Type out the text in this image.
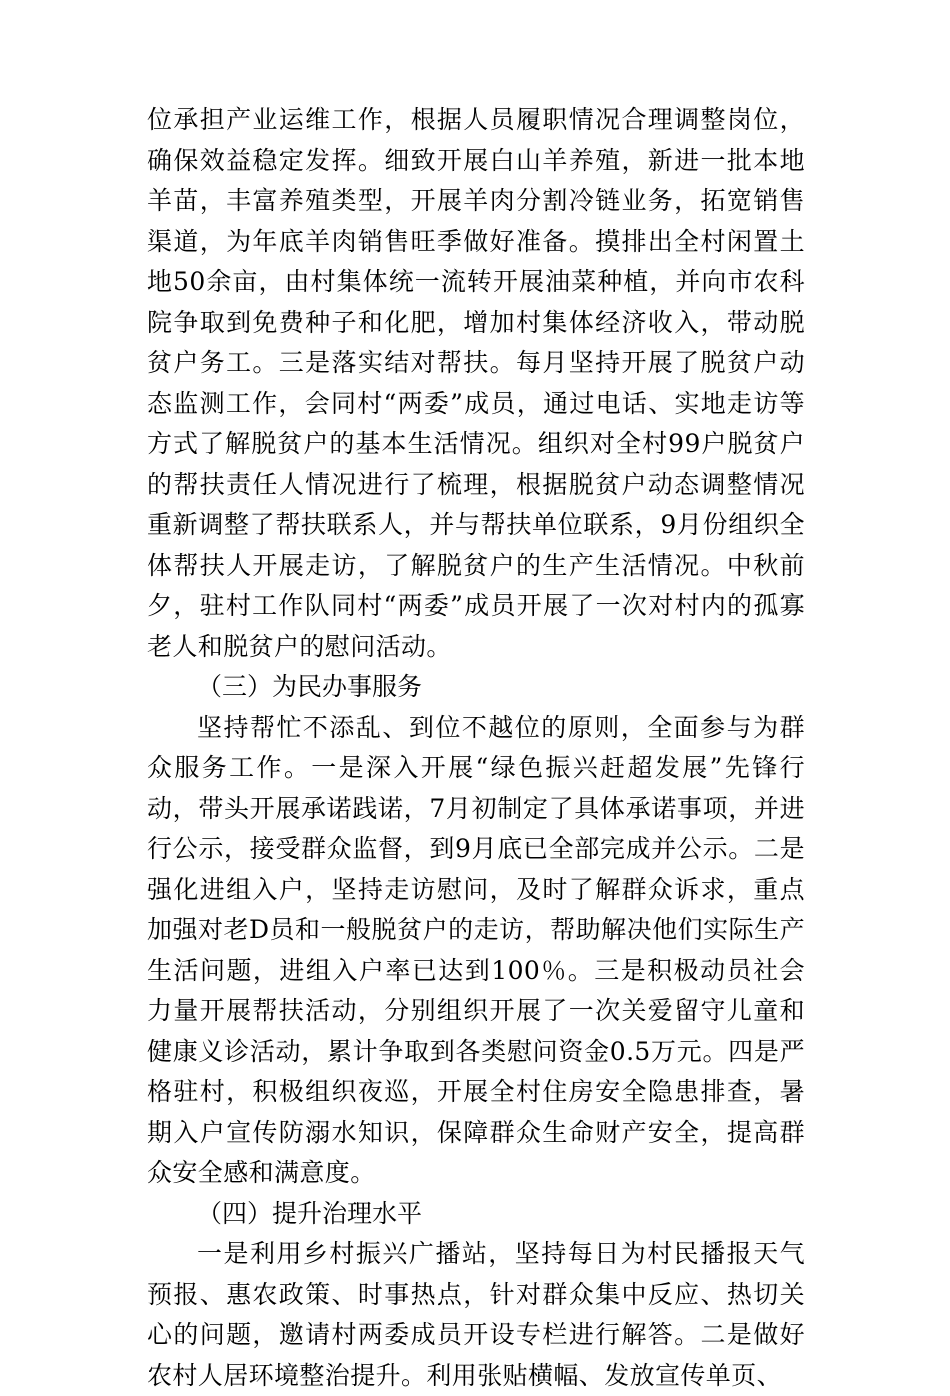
位承担产业运维工作，根据人员履职情况合理调整岗位，确保效益稳定发挥。细致开展白山羊养殖，新进一批本地羊苗，丰富养殖类型，开展羊肉分割冷链业务，拓宽销售渠道，为年底羊肉销售旺季做好准备。摸排出全村闲置土地50余亩，由村集体统一流转开展油菜种植，并向市农科院争取到免费种子和化肥，增加村集体经济收入，带动脱贫户务工。三是落实结对帮扶。每月坚持开展了脱贫户动态监测工作，会同村“两委”成员，通过电话、实地走访等方式了解脱贫户的基本生活情况。组织对全村99户脱贫户的帮扶责任人情况进行了梳理，根据脱贫户动态调整情况重新调整了帮扶联系人，并与帮扶单位联系，9月份组织全体帮扶人开展走访，了解脱贫户的生产生活情况。中秋前夕，驻村工作队同村“两委”成员开展了一次对村内的孤寡老人和脱贫户的慰问活动。

（三）为民办事服务

坚持帮忙不添乱、到位不越位的原则，全面参与为群众服务工作。一是深入开展“绿色振兴赶超发展”先锋行动，带头开展承诺践诺，7月初制定了具体承诺事项，并进行公示，接受群众监督，到9月底已全部完成并公示。二是强化进组入户，坚持走访慰问，及时了解群众诉求，重点加强对老D员和一般脱贫户的走访，帮助解决他们实际生产生活问题，进组入户率已达到100％。三是积极动员社会力量开展帮扶活动，分别组织开展了一次关爱留守儿童和健康义诊活动，累计争取到各类慰问资金0.5万元。四是严格驻村，积极组织夜巡，开展全村住房安全隐患排查，暑期入户宣传防溺水知识，保障群众生命财产安全，提高群众安全感和满意度。

（四）提升治理水平

一是利用乡村振兴广播站，坚持每日为村民播报天气预报、惠农政策、时事热点，针对群众集中反应、热切关心的问题，邀请村两委成员开设专栏进行解答。二是做好农村人居环境整治提升。利用张贴横幅、发放宣传单页、
